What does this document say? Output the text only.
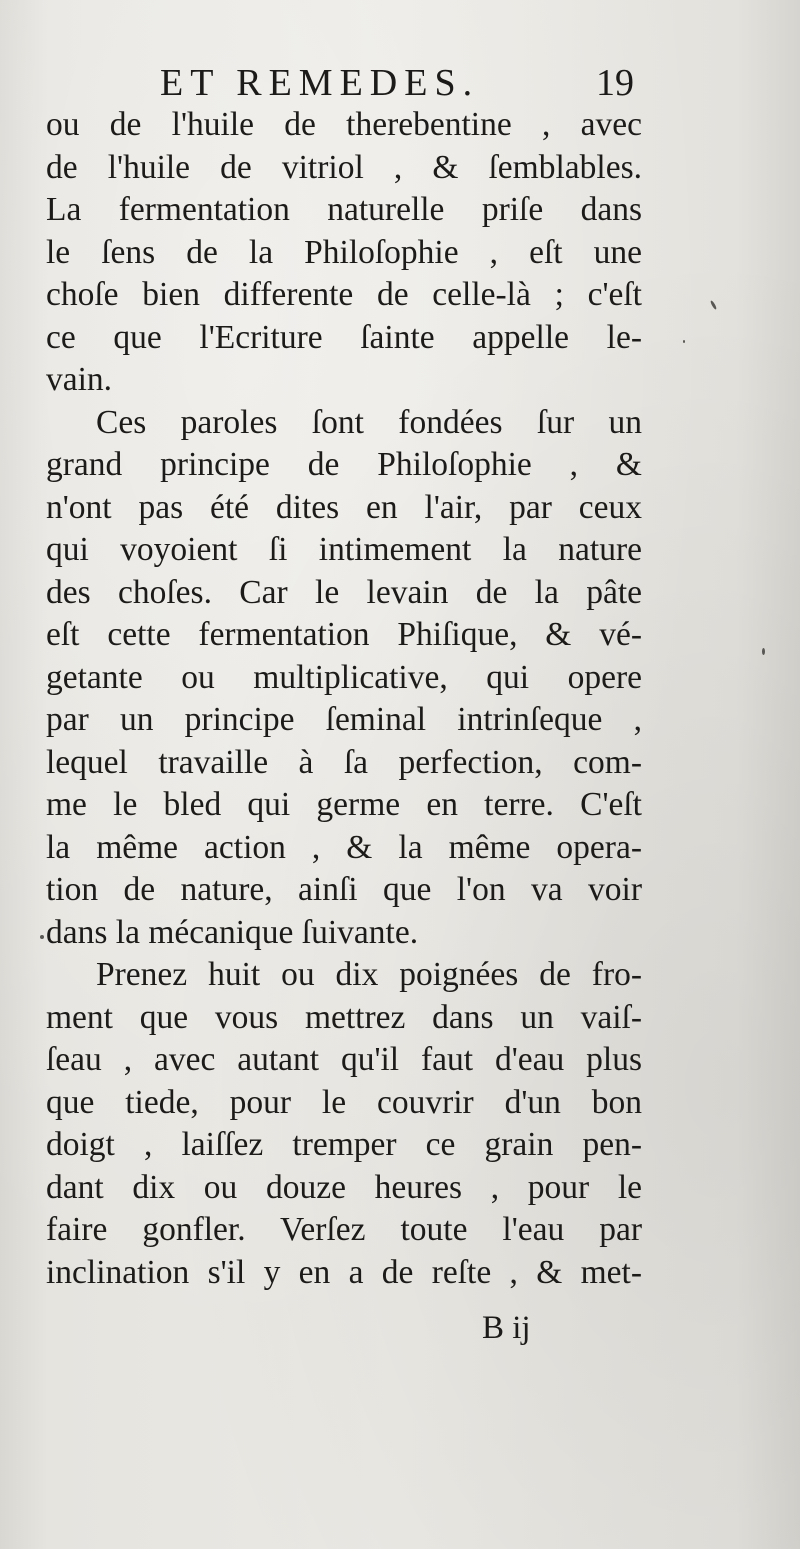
ET REMEDES.	19

ou de l'huile de therebentine , avec
de l'huile de vitriol , & ſemblables.
La fermentation naturelle priſe dans
le ſens de la Philoſophie , eſt une
choſe bien differente de celle-là ; c'eſt
ce que l'Ecriture ſainte appelle le-
vain.

Ces paroles ſont fondées ſur un
grand principe de Philoſophie , &
n'ont pas été dites en l'air, par ceux
qui voyoient ſi intimement la nature
des choſes. Car le levain de la pâte
eſt cette fermentation Phiſique, & vé-
getante ou multiplicative, qui opere
par un principe ſeminal intrinſeque ,
lequel travaille à ſa perfection, com-
me le bled qui germe en terre. C'eſt
la même action , & la même opera-
tion de nature, ainſi que l'on va voir
dans la mécanique ſuivante.

Prenez huit ou dix poignées de fro-
ment que vous mettrez dans un vaiſ-
ſeau , avec autant qu'il faut d'eau plus
que tiede, pour le couvrir d'un bon
doigt , laiſſez tremper ce grain pen-
dant dix ou douze heures , pour le
faire gonfler. Verſez toute l'eau par
inclination s'il y en a de reſte , & met-

B ij
